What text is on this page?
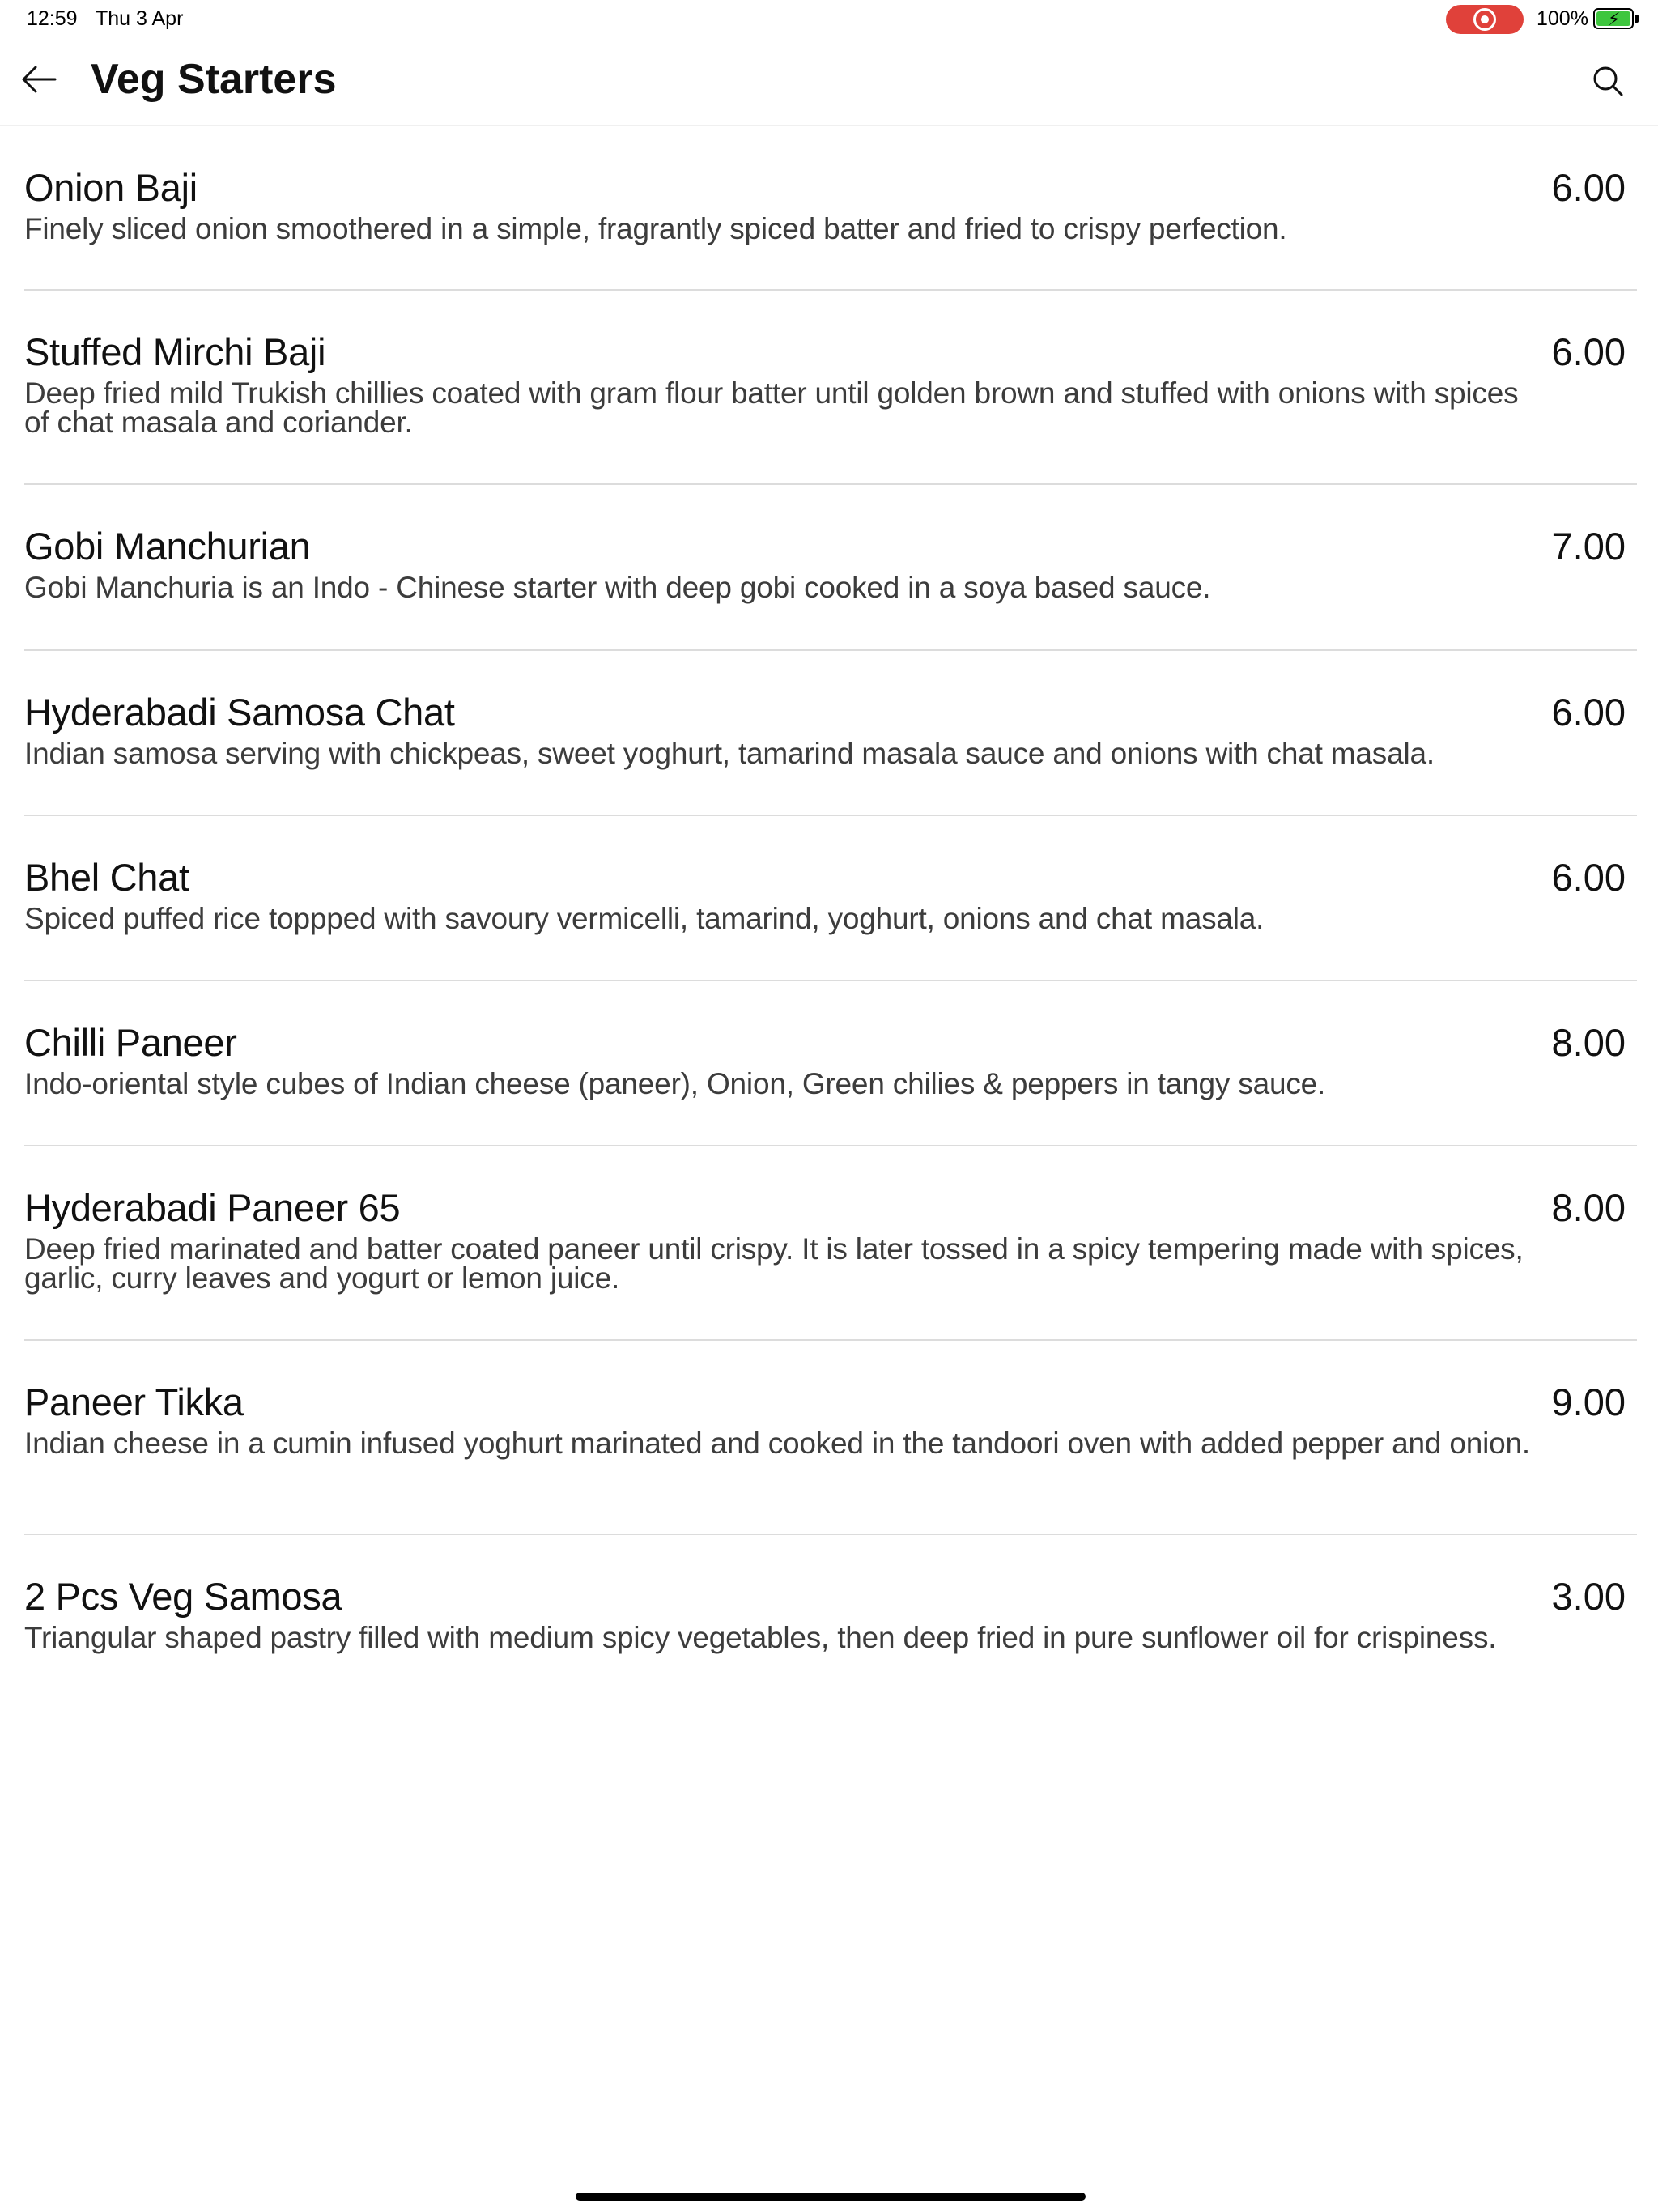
12:59 Thu 3 Apr	100% ⚡
Veg Starters
Onion Baji	6.00
Finely sliced onion smoothered in a simple, fragrantly spiced batter and fried to crispy perfection.
Stuffed Mirchi Baji	6.00
Deep fried mild Trukish chillies coated with gram flour batter until golden brown and stuffed with onions with spices of chat masala and coriander.
Gobi Manchurian	7.00
Gobi Manchuria is an Indo - Chinese starter with deep gobi cooked in a soya based sauce.
Hyderabadi Samosa Chat	6.00
Indian samosa serving with chickpeas, sweet yoghurt, tamarind masala sauce and onions with chat masala.
Bhel Chat	6.00
Spiced puffed rice toppped with savoury vermicelli, tamarind, yoghurt, onions and chat masala.
Chilli Paneer	8.00
Indo-oriental style cubes of Indian cheese (paneer), Onion, Green chilies & peppers in tangy sauce.
Hyderabadi Paneer 65	8.00
Deep fried marinated and batter coated paneer until crispy. It is later tossed in a spicy tempering made with spices, garlic, curry leaves and yogurt or lemon juice.
Paneer Tikka	9.00
Indian cheese in a cumin infused yoghurt marinated and cooked in the tandoori oven with added pepper and onion.
2 Pcs Veg Samosa	3.00
Triangular shaped pastry filled with medium spicy vegetables, then deep fried in pure sunflower oil for crispiness.
